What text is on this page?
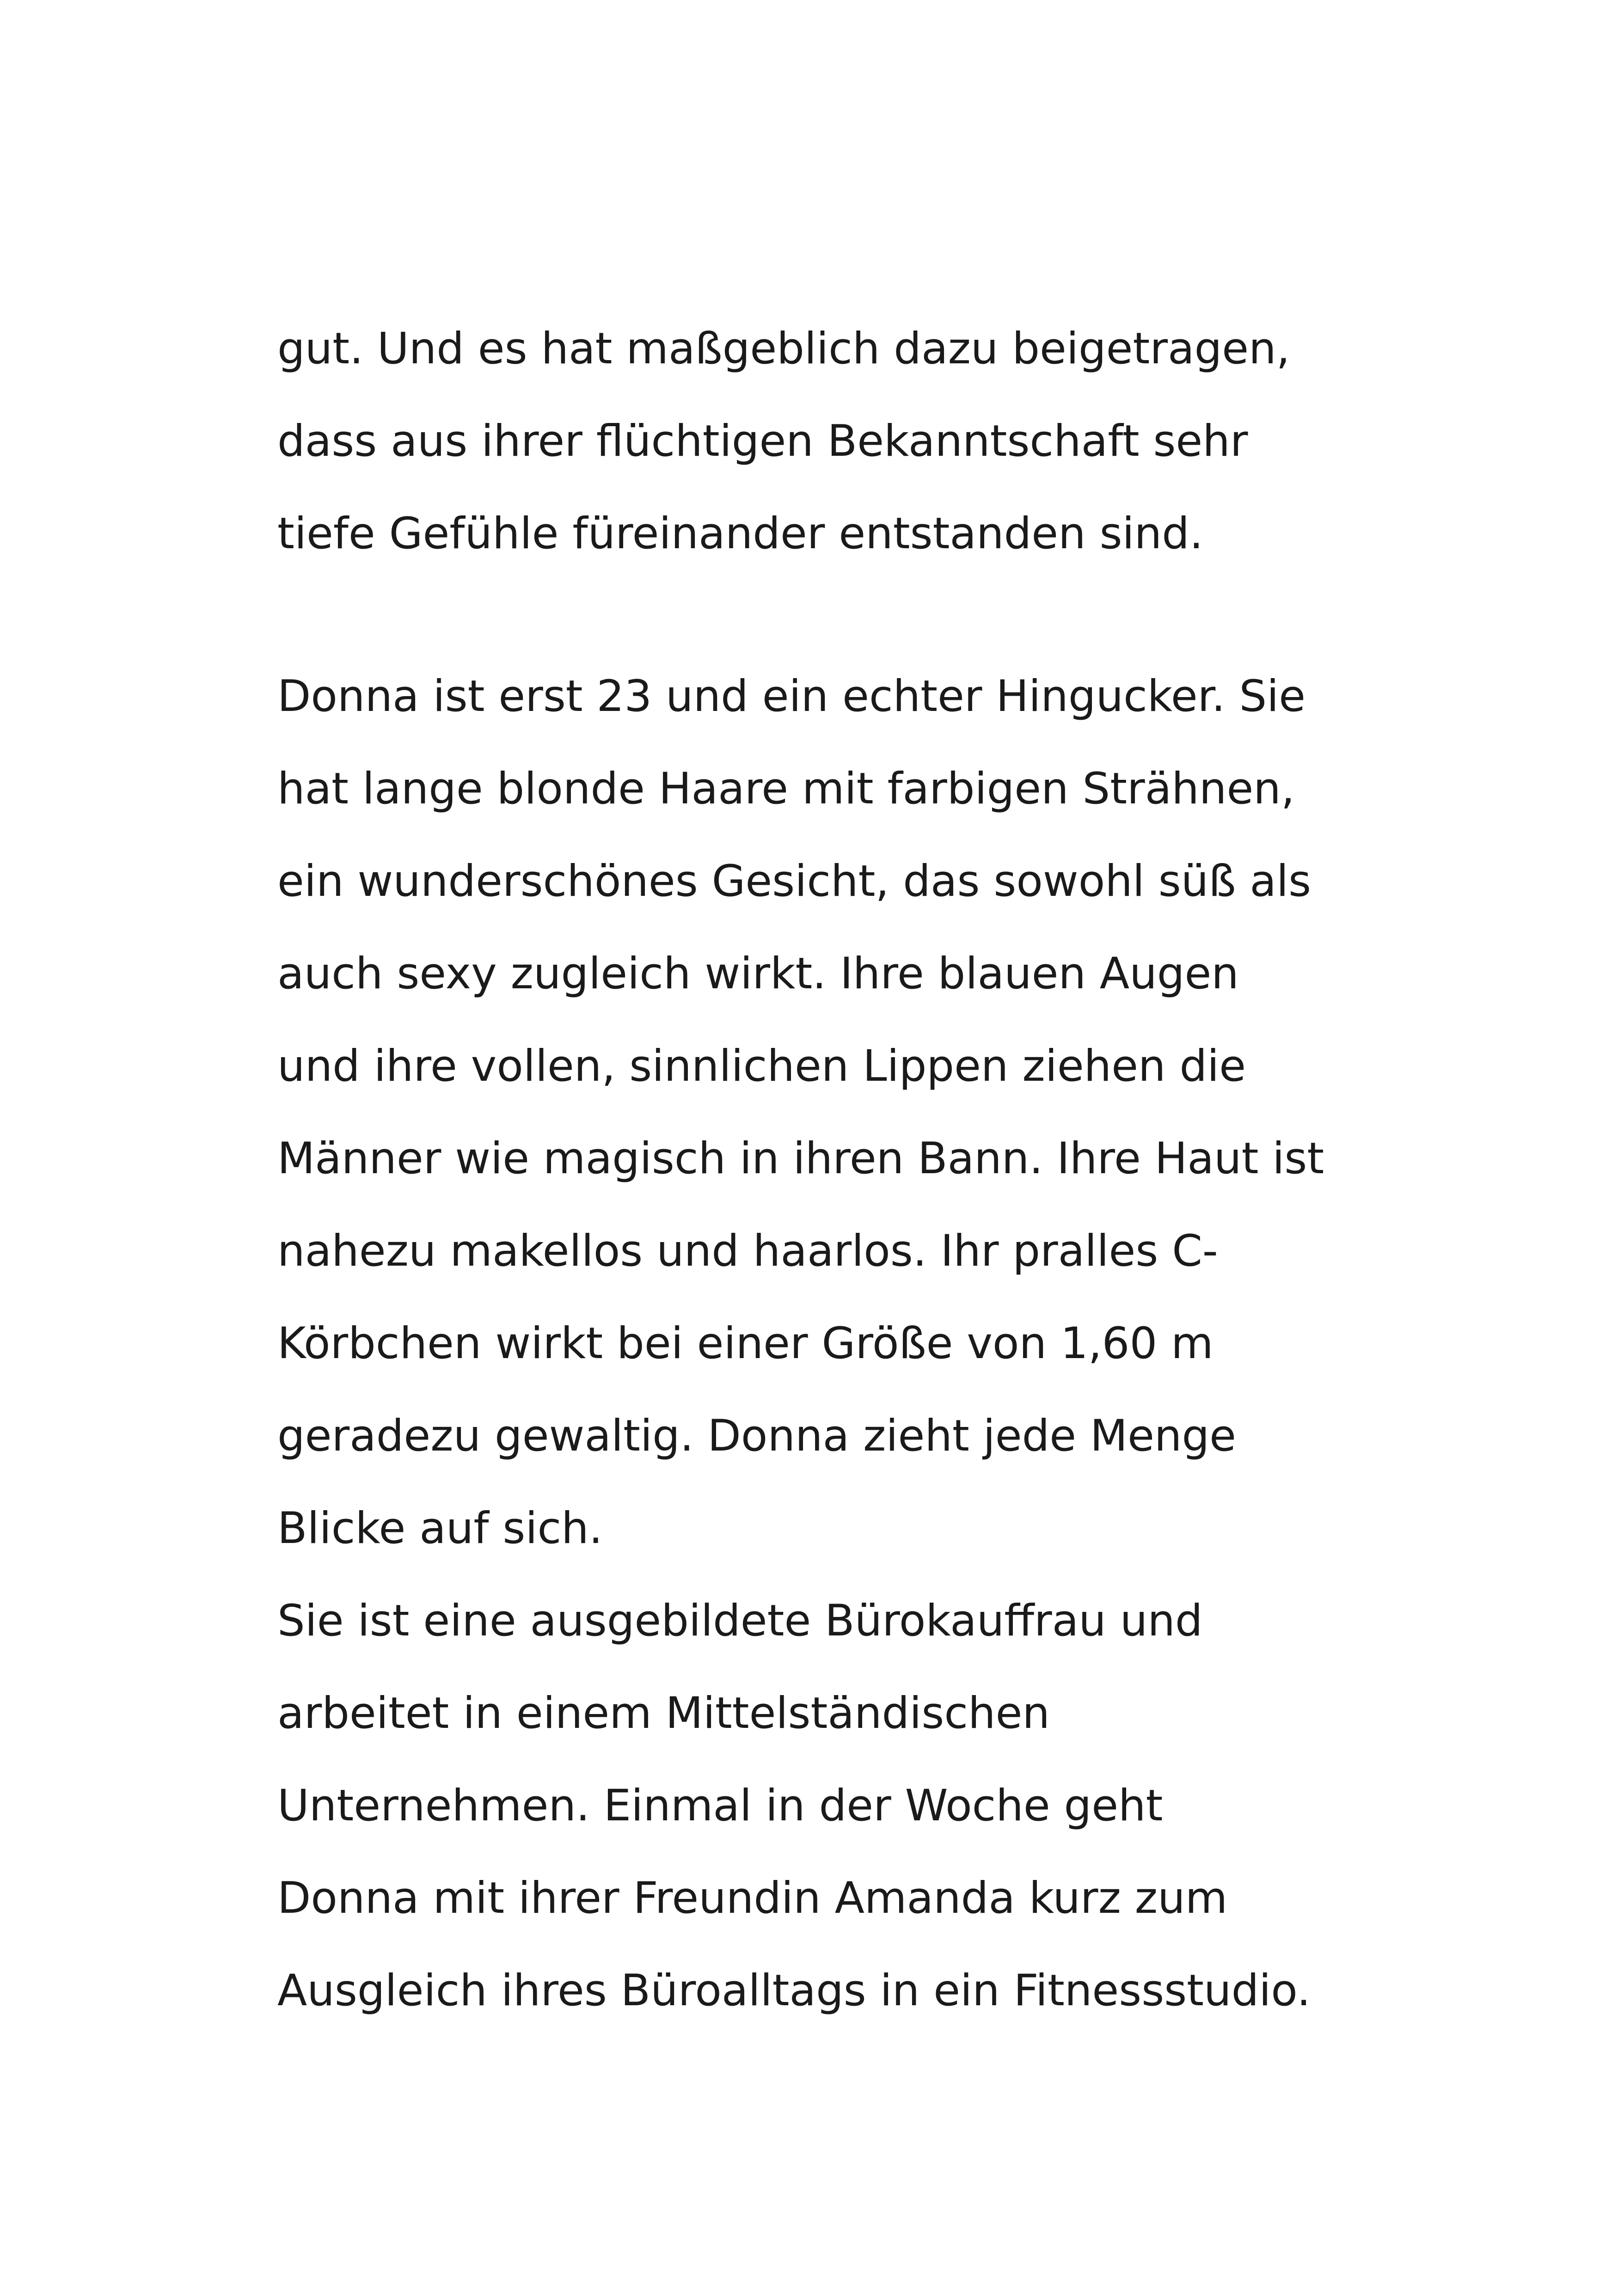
gut. Und es hat maßgeblich dazu beigetragen,
dass aus ihrer flüchtigen Bekanntschaft sehr
tiefe Gefühle füreinander entstanden sind.
Donna ist erst 23 und ein echter Hingucker. Sie
hat lange blonde Haare mit farbigen Strähnen,
ein wunderschönes Gesicht, das sowohl süß als
auch sexy zugleich wirkt. Ihre blauen Augen
und ihre vollen, sinnlichen Lippen ziehen die
Männer wie magisch in ihren Bann. Ihre Haut ist
nahezu makellos und haarlos. Ihr pralles C-
Körbchen wirkt bei einer Größe von 1,60 m
geradezu gewaltig. Donna zieht jede Menge
Blicke auf sich.
Sie ist eine ausgebildete Bürokauffrau und
arbeitet in einem Mittelständischen
Unternehmen. Einmal in der Woche geht
Donna mit ihrer Freundin Amanda kurz zum
Ausgleich ihres Büroalltags in ein Fitnessstudio.
